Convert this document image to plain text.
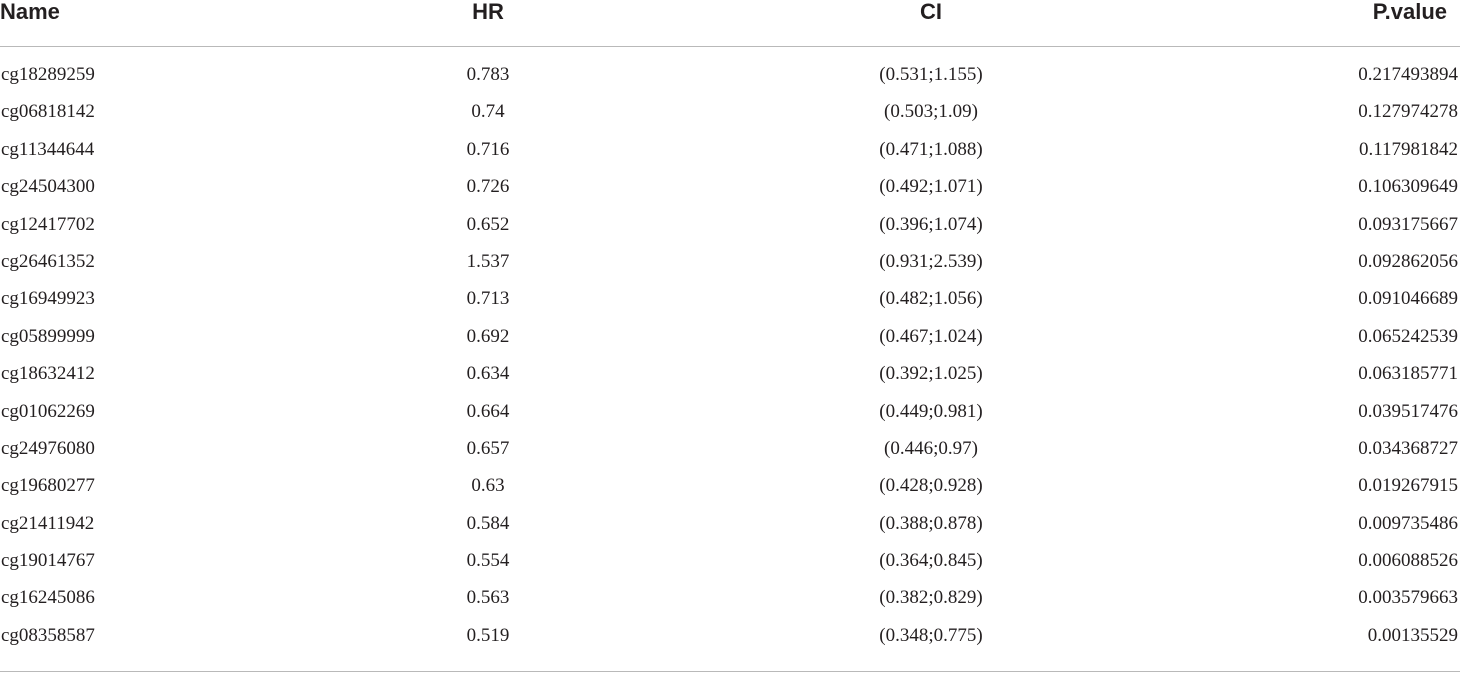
Name	HR	CI	P.value
cg18289259	0.783	(0.531;1.155)	0.217493894
cg06818142	0.74	(0.503;1.09)	0.127974278
cg11344644	0.716	(0.471;1.088)	0.117981842
cg24504300	0.726	(0.492;1.071)	0.106309649
cg12417702	0.652	(0.396;1.074)	0.093175667
cg26461352	1.537	(0.931;2.539)	0.092862056
cg16949923	0.713	(0.482;1.056)	0.091046689
cg05899999	0.692	(0.467;1.024)	0.065242539
cg18632412	0.634	(0.392;1.025)	0.063185771
cg01062269	0.664	(0.449;0.981)	0.039517476
cg24976080	0.657	(0.446;0.97)	0.034368727
cg19680277	0.63	(0.428;0.928)	0.019267915
cg21411942	0.584	(0.388;0.878)	0.009735486
cg19014767	0.554	(0.364;0.845)	0.006088526
cg16245086	0.563	(0.382;0.829)	0.003579663
cg08358587	0.519	(0.348;0.775)	0.00135529
